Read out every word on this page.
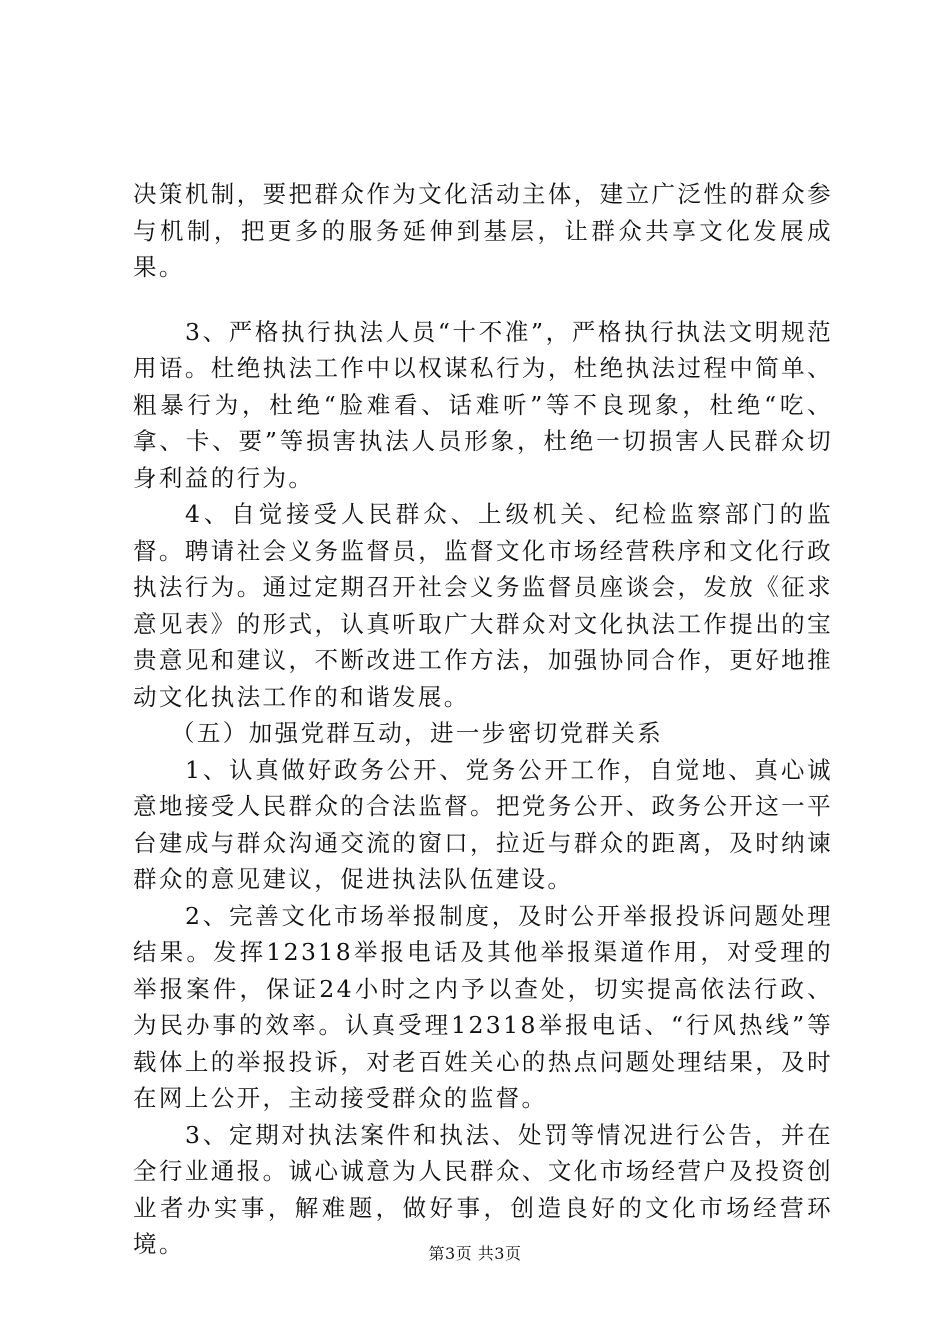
决策机制，要把群众作为文化活动主体，建立广泛性的群众参与机制，把更多的服务延伸到基层，让群众共享文化发展成果。

3、严格执行执法人员“十不准”，严格执行执法文明规范用语。杜绝执法工作中以权谋私行为，杜绝执法过程中简单、粗暴行为，杜绝“脸难看、话难听”等不良现象，杜绝“吃、拿、卡、要”等损害执法人员形象，杜绝一切损害人民群众切身利益的行为。

4、自觉接受人民群众、上级机关、纪检监察部门的监督。聘请社会义务监督员，监督文化市场经营秩序和文化行政执法行为。通过定期召开社会义务监督员座谈会，发放《征求意见表》的形式，认真听取广大群众对文化执法工作提出的宝贵意见和建议，不断改进工作方法，加强协同合作，更好地推动文化执法工作的和谐发展。

（五）加强党群互动，进一步密切党群关系

1、认真做好政务公开、党务公开工作，自觉地、真心诚意地接受人民群众的合法监督。把党务公开、政务公开这一平台建成与群众沟通交流的窗口，拉近与群众的距离，及时纳谏群众的意见建议，促进执法队伍建设。

2、完善文化市场举报制度，及时公开举报投诉问题处理结果。发挥12318举报电话及其他举报渠道作用，对受理的举报案件，保证24小时之内予以查处，切实提高依法行政、为民办事的效率。认真受理12318举报电话、“行风热线”等载体上的举报投诉，对老百姓关心的热点问题处理结果，及时在网上公开，主动接受群众的监督。

3、定期对执法案件和执法、处罚等情况进行公告，并在全行业通报。诚心诚意为人民群众、文化市场经营户及投资创业者办实事，解难题，做好事，创造良好的文化市场经营环境。	第3页 共3页
